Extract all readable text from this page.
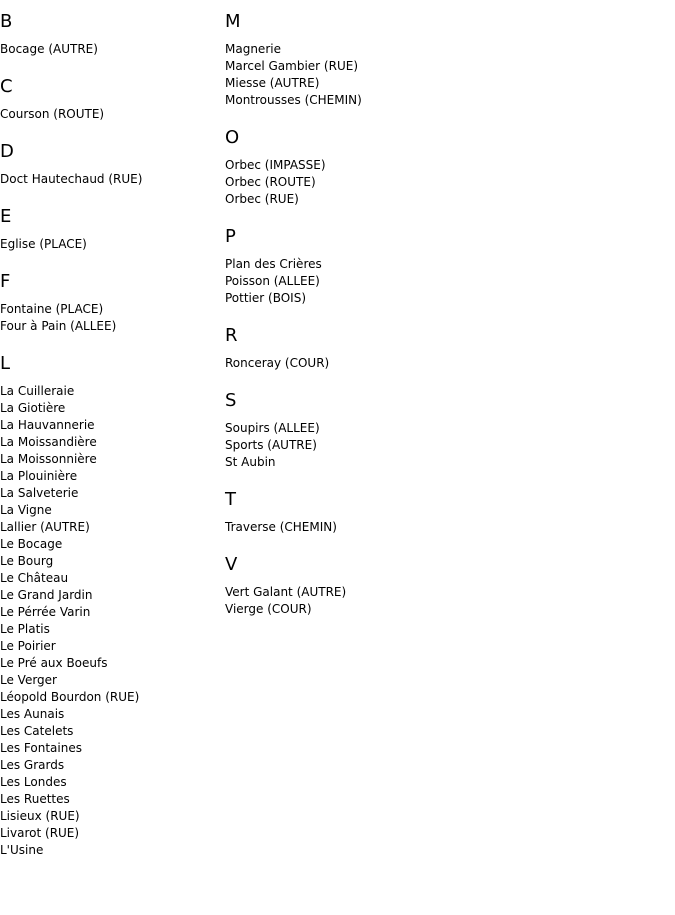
B
Bocage (AUTRE)
C
Courson (ROUTE)
D
Doct Hautechaud (RUE)
E
Eglise (PLACE)
F
Fontaine (PLACE)
Four à Pain (ALLEE)
L
La Cuilleraie
La Giotière
La Hauvannerie
La Moissandière
La Moissonnière
La Plouinière
La Salveterie
La Vigne
Lallier (AUTRE)
Le Bocage
Le Bourg
Le Château
Le Grand Jardin
Le Pérrée Varin
Le Platis
Le Poirier
Le Pré aux Boeufs
Le Verger
Léopold Bourdon (RUE)
Les Aunais
Les Catelets
Les Fontaines
Les Grards
Les Londes
Les Ruettes
Lisieux (RUE)
Livarot (RUE)
L'Usine
M
Magnerie
Marcel Gambier (RUE)
Miesse (AUTRE)
Montrousses (CHEMIN)
O
Orbec (IMPASSE)
Orbec (ROUTE)
Orbec (RUE)
P
Plan des Crières
Poisson (ALLEE)
Pottier (BOIS)
R
Ronceray (COUR)
S
Soupirs (ALLEE)
Sports (AUTRE)
St Aubin
T
Traverse (CHEMIN)
V
Vert Galant (AUTRE)
Vierge (COUR)
